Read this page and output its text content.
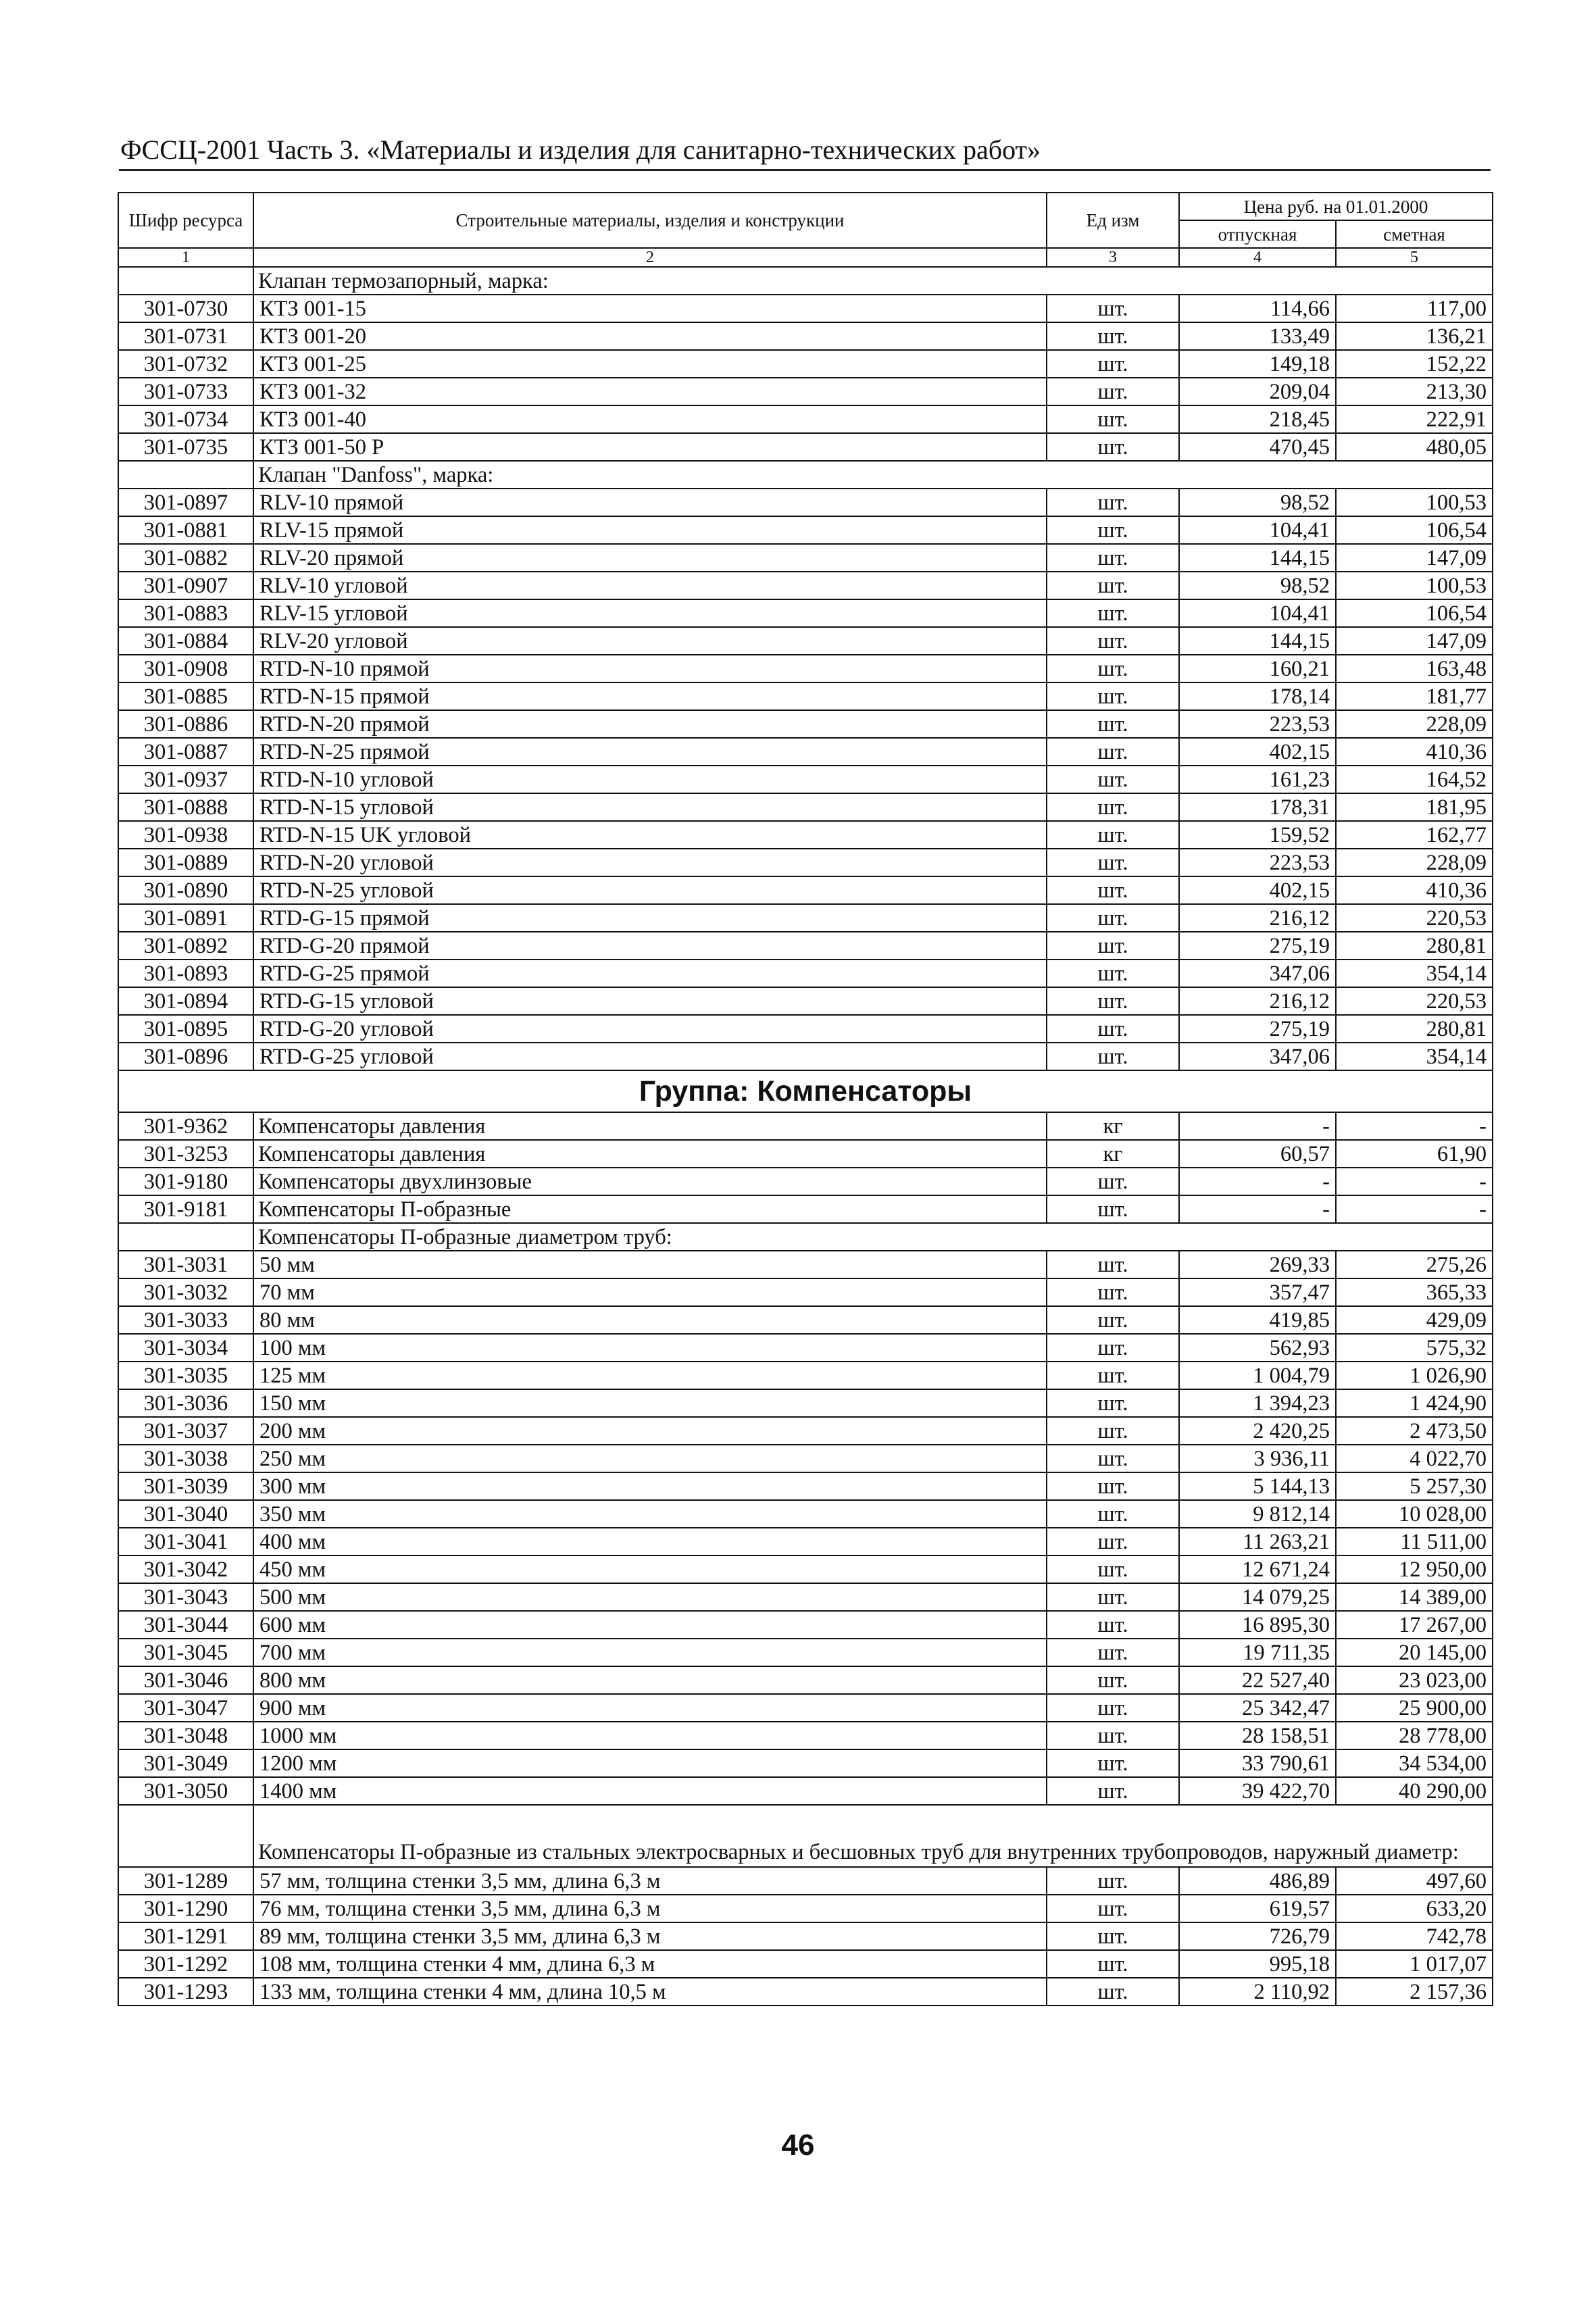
ФССЦ-2001 Часть 3. «Материалы и изделия для санитарно-технических работ»
Шифр ресурса	Строительные материалы, изделия и конструкции	Ед изм	Цена руб. на 01.01.2000	
			отпускная	сметная
1	2	3	4	5
	Клапан термозапорный, марка:			
301-0730	КТЗ 001-15	шт.	114,66	117,00
301-0731	КТЗ 001-20	шт.	133,49	136,21
301-0732	КТЗ 001-25	шт.	149,18	152,22
301-0733	КТЗ 001-32	шт.	209,04	213,30
301-0734	КТЗ 001-40	шт.	218,45	222,91
301-0735	КТЗ 001-50 Р	шт.	470,45	480,05
	Клапан "Danfoss", марка:			
301-0897	RLV-10 прямой	шт.	98,52	100,53
301-0881	RLV-15 прямой	шт.	104,41	106,54
301-0882	RLV-20 прямой	шт.	144,15	147,09
301-0907	RLV-10 угловой	шт.	98,52	100,53
301-0883	RLV-15 угловой	шт.	104,41	106,54
301-0884	RLV-20 угловой	шт.	144,15	147,09
301-0908	RTD-N-10 прямой	шт.	160,21	163,48
301-0885	RTD-N-15 прямой	шт.	178,14	181,77
301-0886	RTD-N-20 прямой	шт.	223,53	228,09
301-0887	RTD-N-25 прямой	шт.	402,15	410,36
301-0937	RTD-N-10 угловой	шт.	161,23	164,52
301-0888	RTD-N-15 угловой	шт.	178,31	181,95
301-0938	RTD-N-15 UK угловой	шт.	159,52	162,77
301-0889	RTD-N-20 угловой	шт.	223,53	228,09
301-0890	RTD-N-25 угловой	шт.	402,15	410,36
301-0891	RTD-G-15 прямой	шт.	216,12	220,53
301-0892	RTD-G-20 прямой	шт.	275,19	280,81
301-0893	RTD-G-25 прямой	шт.	347,06	354,14
301-0894	RTD-G-15 угловой	шт.	216,12	220,53
301-0895	RTD-G-20 угловой	шт.	275,19	280,81
301-0896	RTD-G-25 угловой	шт.	347,06	354,14
Группа: Компенсаторы				
301-9362	Компенсаторы давления	кг	-	-
301-3253	Компенсаторы давления	кг	60,57	61,90
301-9180	Компенсаторы двухлинзовые	шт.	-	-
301-9181	Компенсаторы П-образные	шт.	-	-
	Компенсаторы П-образные диаметром труб:			
301-3031	50 мм	шт.	269,33	275,26
301-3032	70 мм	шт.	357,47	365,33
301-3033	80 мм	шт.	419,85	429,09
301-3034	100 мм	шт.	562,93	575,32
301-3035	125 мм	шт.	1 004,79	1 026,90
301-3036	150 мм	шт.	1 394,23	1 424,90
301-3037	200 мм	шт.	2 420,25	2 473,50
301-3038	250 мм	шт.	3 936,11	4 022,70
301-3039	300 мм	шт.	5 144,13	5 257,30
301-3040	350 мм	шт.	9 812,14	10 028,00
301-3041	400 мм	шт.	11 263,21	11 511,00
301-3042	450 мм	шт.	12 671,24	12 950,00
301-3043	500 мм	шт.	14 079,25	14 389,00
301-3044	600 мм	шт.	16 895,30	17 267,00
301-3045	700 мм	шт.	19 711,35	20 145,00
301-3046	800 мм	шт.	22 527,40	23 023,00
301-3047	900 мм	шт.	25 342,47	25 900,00
301-3048	1000 мм	шт.	28 158,51	28 778,00
301-3049	1200 мм	шт.	33 790,61	34 534,00
301-3050	1400 мм	шт.	39 422,70	40 290,00
	Компенсаторы П-образные из стальных электросварных и бесшовных труб для внутренних трубопроводов, наружный диаметр:			
301-1289	57 мм, толщина стенки 3,5 мм, длина 6,3 м	шт.	486,89	497,60
301-1290	76 мм, толщина стенки 3,5 мм, длина 6,3 м	шт.	619,57	633,20
301-1291	89 мм, толщина стенки 3,5 мм, длина 6,3 м	шт.	726,79	742,78
301-1292	108 мм, толщина стенки 4 мм, длина 6,3 м	шт.	995,18	1 017,07
301-1293	133 мм, толщина стенки 4 мм, длина 10,5 м	шт.	2 110,92	2 157,36
46
